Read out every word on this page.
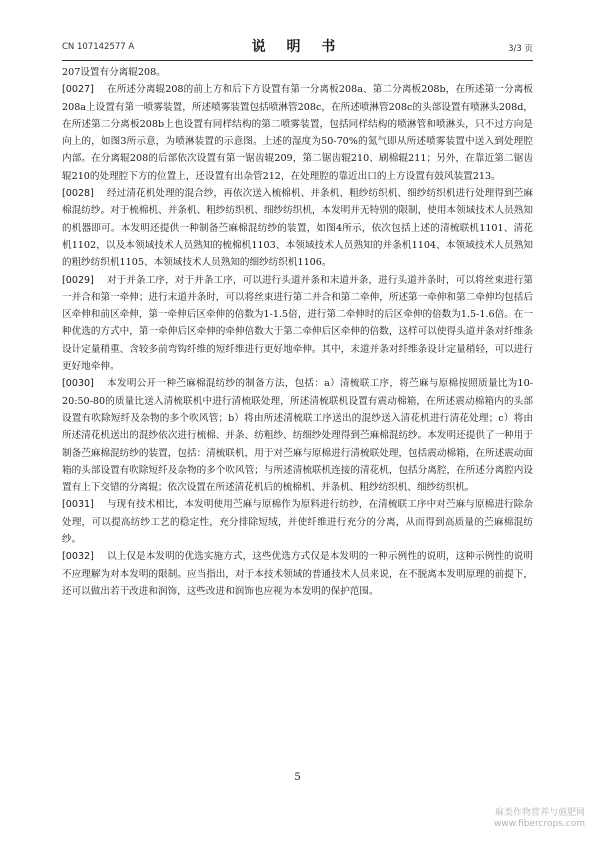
CN 107142577 A	说 明 书	3/3 页

207设置有分离辊208。

[0027] 在所述分离辊208的前上方和后下方设置有第一分离板208a、第二分离板208b，在所述第一分离板208a上设置有第一喷雾装置，所述喷雾装置包括喷淋管208c，在所述喷淋管208c的头部设置有喷淋头208d，在所述第二分离板208b上也设置有同样结构的第二喷雾装置，包括同样结构的喷淋管和喷淋头，只不过方向是向上的，如图3所示意，为喷淋装置的示意图。上述的湿度为50-70%的氮气即从所述喷雾装置中送入到处理腔内部。在分离辊208的后部依次设置有第一锯齿辊209，第二锯齿辊210、刷棉辊211；另外，在靠近第二锯齿辊210的处理腔下方的位置上，还设置有出杂管212，在处理腔的靠近出口的上方设置有鼓风装置213。

[0028] 经过清花机处理的混合纱，再依次送入梳棉机、并条机、粗纱纺织机、细纱纺织机进行处理得到苎麻棉混纺纱。对于梳棉机、并条机、粗纱纺织机、细纱纺织机，本发明并无特别的限制，使用本领域技术人员熟知的机器即可。本发明还提供一种制备苎麻棉混纺纱的装置，如图4所示，依次包括上述的清梳联机1101、清花机1102，以及本领域技术人员熟知的梳棉机1103、本领域技术人员熟知的并条机1104、本领域技术人员熟知的粗纱纺织机1105、本领域技术人员熟知的细纱纺织机1106。

[0029] 对于并条工序，对于并条工序，可以进行头道并条和末道并条，进行头道并条时，可以将丝束进行第一并合和第一牵伸；进行末道并条时，可以将丝束进行第二并合和第二牵伸，所述第一牵伸和第二牵伸均包括后区牵伸和前区牵伸，第一牵伸后区牵伸的倍数为1-1.5倍，进行第二牵伸时的后区牵伸的倍数为1.5-1.6倍。在一种优选的方式中，第一牵伸后区牵伸的牵伸倍数大于第二牵伸后区牵伸的倍数，这样可以使得头道并条对纤维条设计定量稍重、含较多前弯钩纤维的短纤维进行更好地牵伸。其中，末道并条对纤维条设计定量稍轻，可以进行更好地牵伸。

[0030] 本发明公开一种苎麻棉混纺纱的制备方法，包括：a）清梳联工序，将苎麻与原棉按照质量比为10-20:50-80的质量比送入清梳联机中进行清梳联处理，所述清梳联机设置有震动棉箱，在所述震动棉箱内的头部设置有吹除短纤及杂物的多个吹风管；b）将由所述清梳联工序送出的混纱送入清花机进行清花处理；c）将由所述清花机送出的混纱依次进行梳棉、并条、纺粗纱、纺细纱处理得到苎麻棉混纺纱。本发明还提供了一种用于制备苎麻棉混纺纱的装置，包括：清梳联机，用于对苎麻与原棉进行清梳联处理，包括震动棉箱，在所述震动面箱的头部设置有吹除短纤及杂物的多个吹风管；与所述清梳联机连接的清花机，包括分离腔，在所述分离腔内设置有上下交错的分离辊；依次设置在所述清花机后的梳棉机、并条机、粗纱纺织机、细纱纺织机。

[0031] 与现有技术相比，本发明使用苎麻与原棉作为原料进行纺纱，在清梳联工序中对苎麻与原棉进行除杂处理，可以提高纺纱工艺的稳定性，充分排除短绒，并使纤维进行充分的分离，从而得到高质量的苎麻棉混纺纱。

[0032] 以上仅是本发明的优选实施方式，这些优选方式仅是本发明的一种示例性的说明，这种示例性的说明不应理解为对本发明的限制。应当指出，对于本技术领域的普通技术人员来说，在不脱离本发明原理的前提下，还可以做出若干改进和润饰，这些改进和润饰也应视为本发明的保护范围。

5
麻类作物营养与施肥网
www.fibercrops.com
